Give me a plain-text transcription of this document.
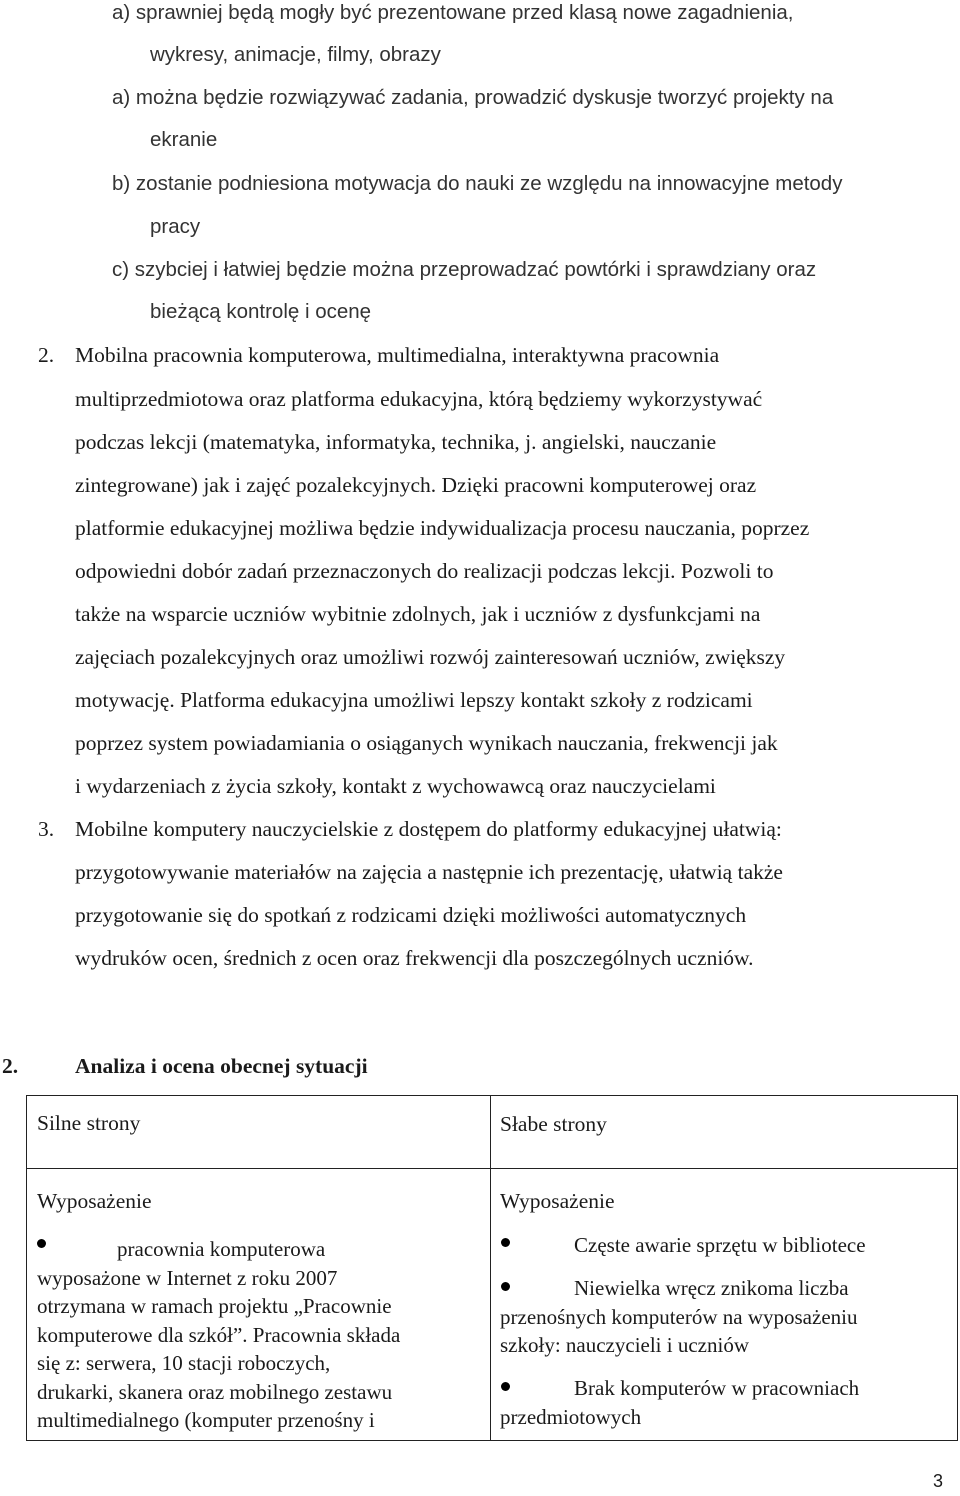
a) sprawniej będą mogły być prezentowane przed klasą nowe zagadnienia,
wykresy, animacje, filmy, obrazy
a) można będzie rozwiązywać zadania, prowadzić dyskusje tworzyć projekty na
ekranie
b) zostanie podniesiona motywacja do nauki ze względu na innowacyjne metody
pracy
c) szybciej i łatwiej będzie można przeprowadzać powtórki i sprawdziany oraz
bieżącą kontrolę i ocenę
2. Mobilna pracownia komputerowa, multimedialna, interaktywna pracownia
multiprzedmiotowa oraz platforma edukacyjna, którą będziemy wykorzystywać
podczas lekcji (matematyka, informatyka, technika, j. angielski, nauczanie
zintegrowane) jak i zajęć pozalekcyjnych. Dzięki pracowni komputerowej oraz
platformie edukacyjnej możliwa będzie indywidualizacja procesu nauczania, poprzez
odpowiedni dobór zadań przeznaczonych do realizacji podczas lekcji. Pozwoli to
także na wsparcie uczniów wybitnie zdolnych, jak i uczniów z dysfunkcjami na
zajęciach pozalekcyjnych oraz umożliwi rozwój zainteresowań uczniów, zwiększy
motywację. Platforma edukacyjna umożliwi lepszy kontakt szkoły z rodzicami
poprzez system powiadamiania o osiąganych wynikach nauczania, frekwencji jak
i wydarzeniach z życia szkoły, kontakt z wychowawcą oraz nauczycielami
3. Mobilne komputery nauczycielskie z dostępem do platformy edukacyjnej ułatwią:
przygotowywanie materiałów na zajęcia a następnie ich prezentację, ułatwią także
przygotowanie się do spotkań z rodzicami dzięki możliwości automatycznych
wydruków ocen, średnich z ocen oraz frekwencji dla poszczególnych uczniów.
2.	Analiza i ocena obecnej sytuacji
Silne strony	Słabe strony
Wyposażenie
pracownia komputerowa
wyposażone w Internet z roku 2007
otrzymana w ramach projektu „Pracownie
komputerowe dla szkół”. Pracownia składa
się z: serwera, 10 stacji roboczych,
drukarki, skanera oraz mobilnego zestawu
multimedialnego (komputer przenośny i
Wyposażenie
Częste awarie sprzętu w bibliotece
Niewielka wręcz znikoma liczba
przenośnych komputerów na wyposażeniu
szkoły: nauczycieli i uczniów
Brak komputerów w pracowniach
przedmiotowych
3
